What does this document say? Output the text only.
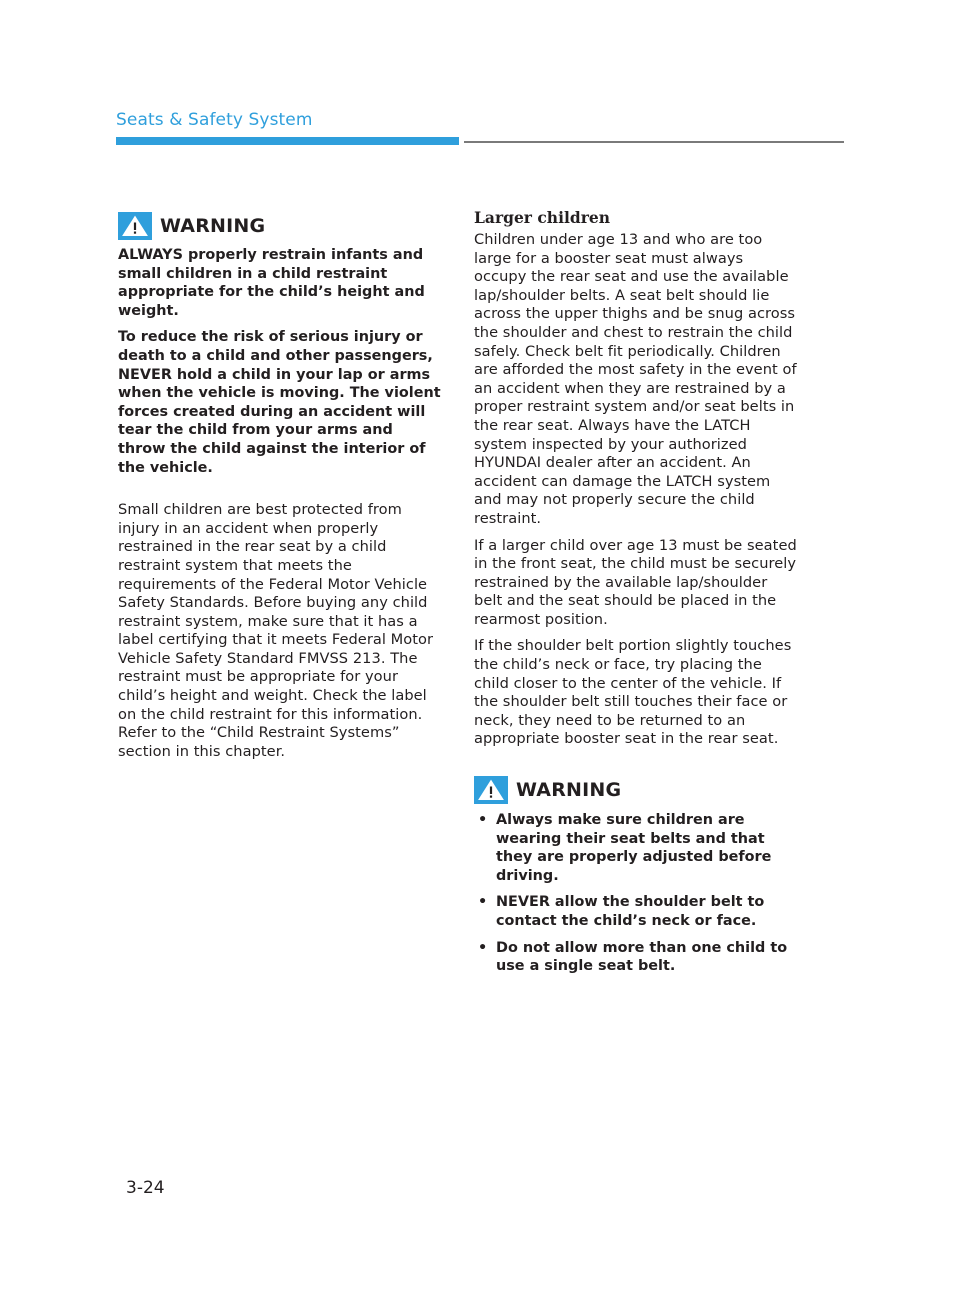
Seats & Safety System
WARNING

ALWAYS properly restrain infants and small children in a child restraint appropriate for the child’s height and weight.

To reduce the risk of serious injury or death to a child and other passengers, NEVER hold a child in your lap or arms when the vehicle is moving. The violent forces created during an accident will tear the child from your arms and throw the child against the interior of the vehicle.

Small children are best protected from injury in an accident when properly restrained in the rear seat by a child restraint system that meets the requirements of the Federal Motor Vehicle Safety Standards. Before buying any child restraint system, make sure that it has a label certifying that it meets Federal Motor Vehicle Safety Standard FMVSS 213. The restraint must be appropriate for your child’s height and weight. Check the label on the child restraint for this information. Refer to the “Child Restraint Systems” section in this chapter.

Larger children

Children under age 13 and who are too large for a booster seat must always occupy the rear seat and use the available lap/shoulder belts. A seat belt should lie across the upper thighs and be snug across the shoulder and chest to restrain the child safely. Check belt fit periodically. Children are afforded the most safety in the event of an accident when they are restrained by a proper restraint system and/or seat belts in the rear seat. Always have the LATCH system inspected by your authorized HYUNDAI dealer after an accident. An accident can damage the LATCH system and may not properly secure the child restraint.

If a larger child over age 13 must be seated in the front seat, the child must be securely restrained by the available lap/shoulder belt and the seat should be placed in the rearmost position.

If the shoulder belt portion slightly touches the child’s neck or face, try placing the child closer to the center of the vehicle. If the shoulder belt still touches their face or neck, they need to be returned to an appropriate booster seat in the rear seat.

WARNING
• Always make sure children are wearing their seat belts and that they are properly adjusted before driving.
• NEVER allow the shoulder belt to contact the child’s neck or face.
• Do not allow more than one child to use a single seat belt.
3-24
